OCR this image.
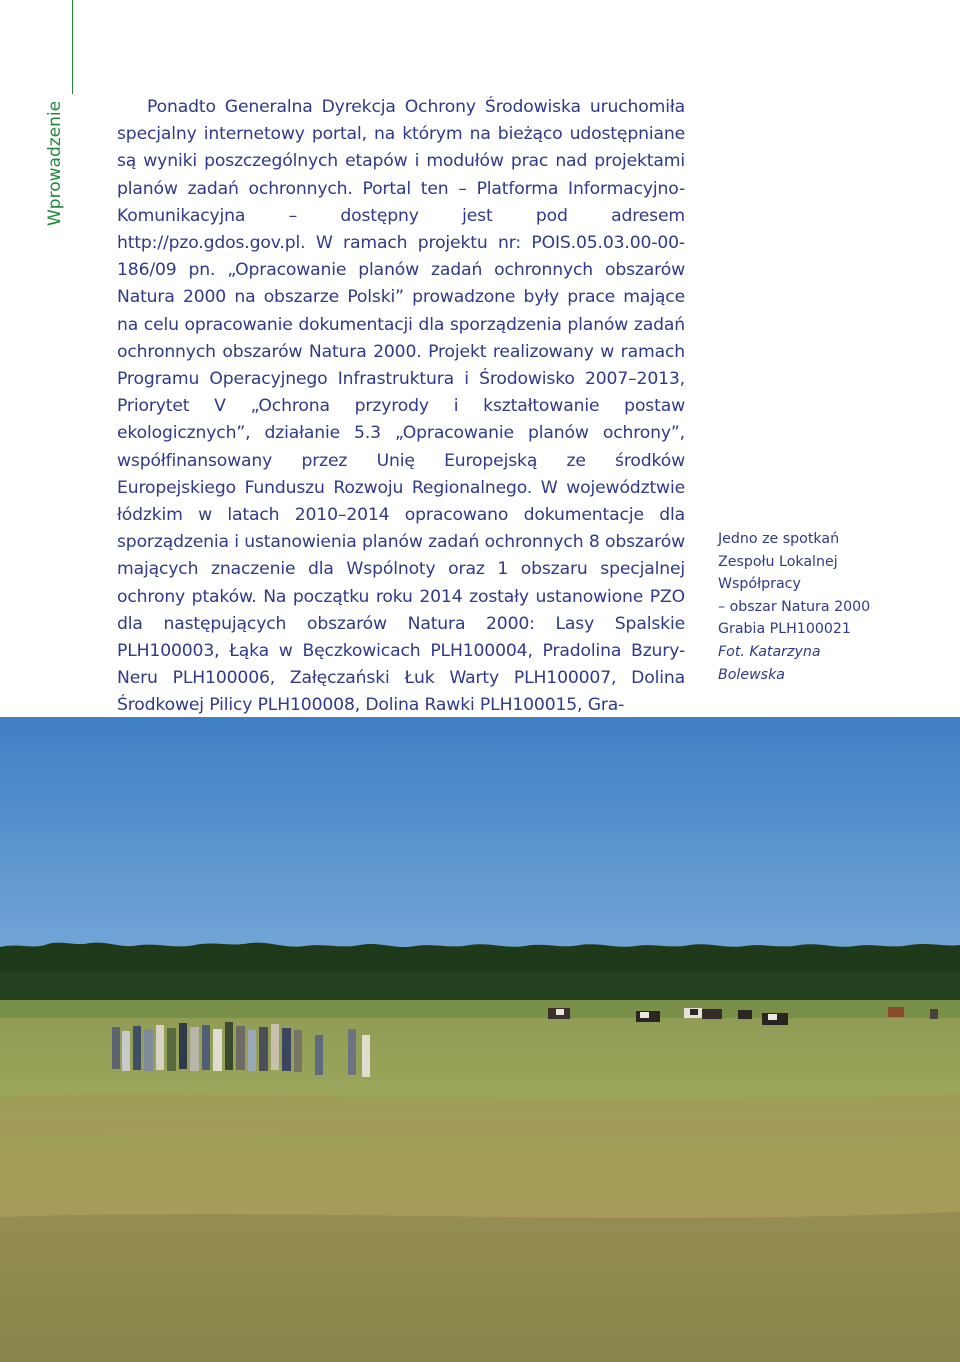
Wprowadzenie	Ponadto Generalna Dyrekcja Ochrony Środowiska uruchomiła specjalny internetowy portal, na którym na bieżąco udostępniane są wyniki poszczególnych etapów i modułów prac nad projektami planów zadań ochronnych. Portal ten – Platforma Informacyjno-Komunikacyjna – dostępny jest pod adresem http://pzo.gdos.gov.pl. W ramach projektu nr: POIS.05.03.00-00-186/09 pn. „Opracowanie planów zadań ochronnych obszarów Natura 2000 na obszarze Polski” prowadzone były prace mające na celu opracowanie dokumentacji dla sporządzenia planów zadań ochronnych obszarów Natura 2000. Projekt realizowany w ramach Programu Operacyjnego Infrastruktura i Środowisko 2007–2013, Priorytet V „Ochrona przyrody i kształtowanie postaw ekologicznych”, działanie 5.3 „Opracowanie planów ochrony”, współfinansowany przez Unię Europejską ze środków Europejskiego Funduszu Rozwoju Regionalnego. W województwie łódzkim w latach 2010–2014 opracowano dokumentacje dla sporządzenia i ustanowienia planów zadań ochronnych 8 obszarów mających znaczenie dla Wspólnoty oraz 1 obszaru specjalnej ochrony ptaków. Na początku roku 2014 zostały ustanowione PZO dla następujących obszarów Natura 2000: Lasy Spalskie PLH100003, Łąka w Bęczkowicach PLH100004, Pradolina Bzury-Neru PLH100006, Załęczański Łuk Warty PLH100007, Dolina Środkowej Pilicy PLH100008, Dolina Rawki PLH100015, Gra-

Jedno ze spotkań
Zespołu Lokalnej
Współpracy
– obszar Natura 2000
Grabia PLH100021
Fot. Katarzyna
Bolewska
